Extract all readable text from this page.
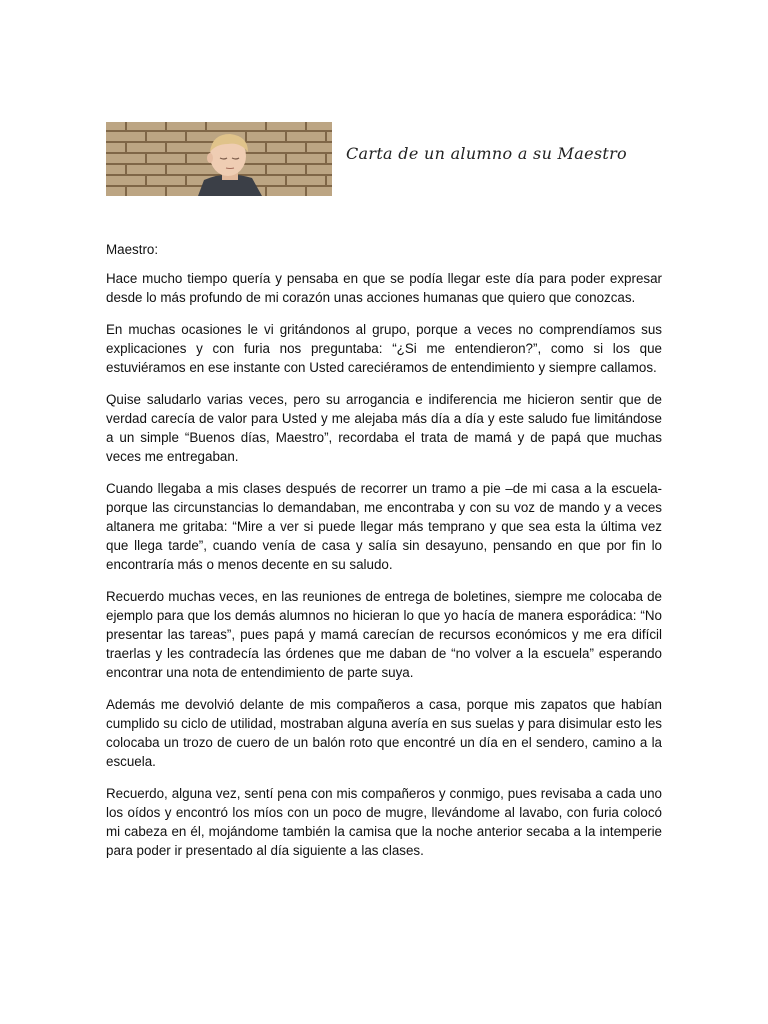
Carta de un alumno a su Maestro

Maestro:

Hace mucho tiempo quería y pensaba en que se podía llegar este día para poder expresar desde lo más profundo de mi corazón unas acciones humanas que quiero que conozcas.

En muchas ocasiones le vi gritándonos al grupo, porque a veces no comprendíamos sus explicaciones y con furia nos preguntaba: “¿Si me entendieron?”, como si los que estuviéramos en ese instante con Usted careciéramos de entendimiento y siempre callamos.

Quise saludarlo varias veces, pero su arrogancia e indiferencia me hicieron sentir que de verdad carecía de valor para Usted y me alejaba más día a día y este saludo fue limitándose a un simple “Buenos días, Maestro”, recordaba el trata de mamá y de papá que muchas veces me entregaban.

Cuando llegaba a mis clases después de recorrer un tramo a pie –de mi casa a la escuela- porque las circunstancias lo demandaban, me encontraba y con su voz de mando y a veces altanera me gritaba: “Mire a ver si puede llegar más temprano y que sea esta la última vez que llega tarde”, cuando venía de casa y salía sin desayuno, pensando en que por fin lo encontraría más o menos decente en su saludo.

Recuerdo muchas veces, en las reuniones de entrega de boletines, siempre me colocaba de ejemplo para que los demás alumnos no hicieran lo que yo hacía de manera esporádica: “No presentar las tareas”, pues papá y mamá carecían de recursos económicos y me era difícil traerlas y les contradecía las órdenes que me daban de “no volver a la escuela” esperando encontrar una nota de entendimiento de parte suya.

Además me devolvió delante de mis compañeros a casa, porque mis zapatos que habían cumplido su ciclo de utilidad, mostraban alguna avería en sus suelas y para disimular esto les colocaba un trozo de cuero de un balón roto que encontré un día en el sendero, camino a la escuela.

Recuerdo, alguna vez, sentí pena con mis compañeros y conmigo, pues revisaba a cada uno los oídos y encontró los míos con un poco de mugre, llevándome al lavabo, con furia colocó mi cabeza en él, mojándome también la camisa que la noche anterior secaba a la intemperie para poder ir presentado al día siguiente a las clases.
